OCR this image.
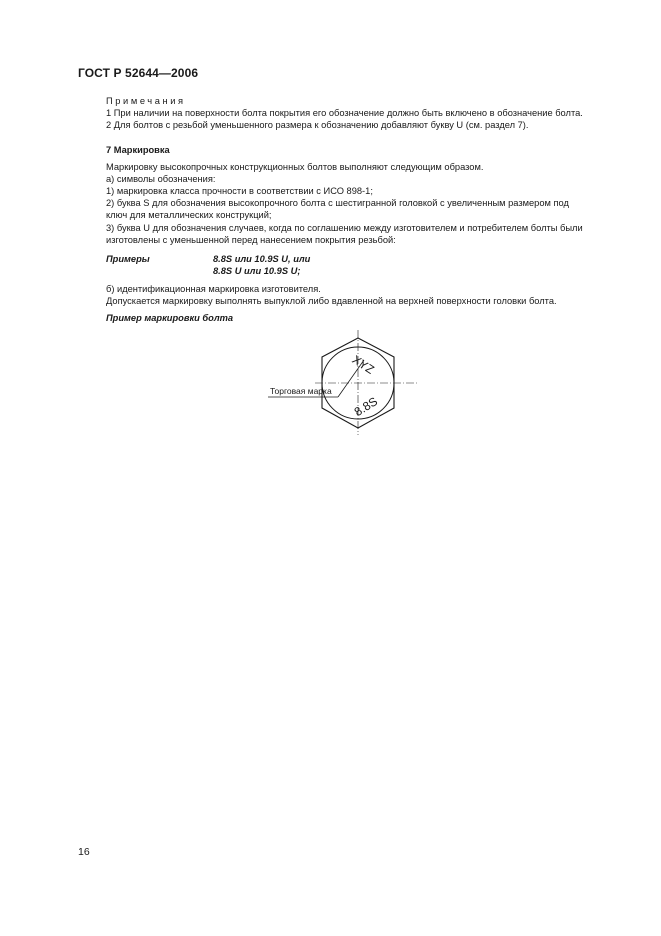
ГОСТ Р 52644—2006
Примечания
1 При наличии на поверхности болта покрытия его обозначение должно быть включено в обозначение болта.
2 Для болтов с резьбой уменьшенного размера к обозначению добавляют букву U (см. раздел 7).
7 Маркировка
Маркировку высокопрочных конструкционных болтов выполняют следующим образом.
а) символы обозначения:
1) маркировка класса прочности в соответствии с ИСО 898-1;
2) буква S для обозначения высокопрочного болта с шестигранной головкой с увеличенным размером под
ключ для металлических конструкций;
3) буква U для обозначения случаев, когда по соглашению между изготовителем и потребителем болты были
изготовлены с уменьшенной перед нанесением покрытия резьбой:
Примеры	8.8S или 10.9S U, или
8.8S U или 10.9S U;
б) идентификационная маркировка изготовителя.
Допускается маркировку выполнять выпуклой либо вдавленной на верхней поверхности головки болта.
Пример маркировки болта
Торговая марка
XYZ
8.8S
16
